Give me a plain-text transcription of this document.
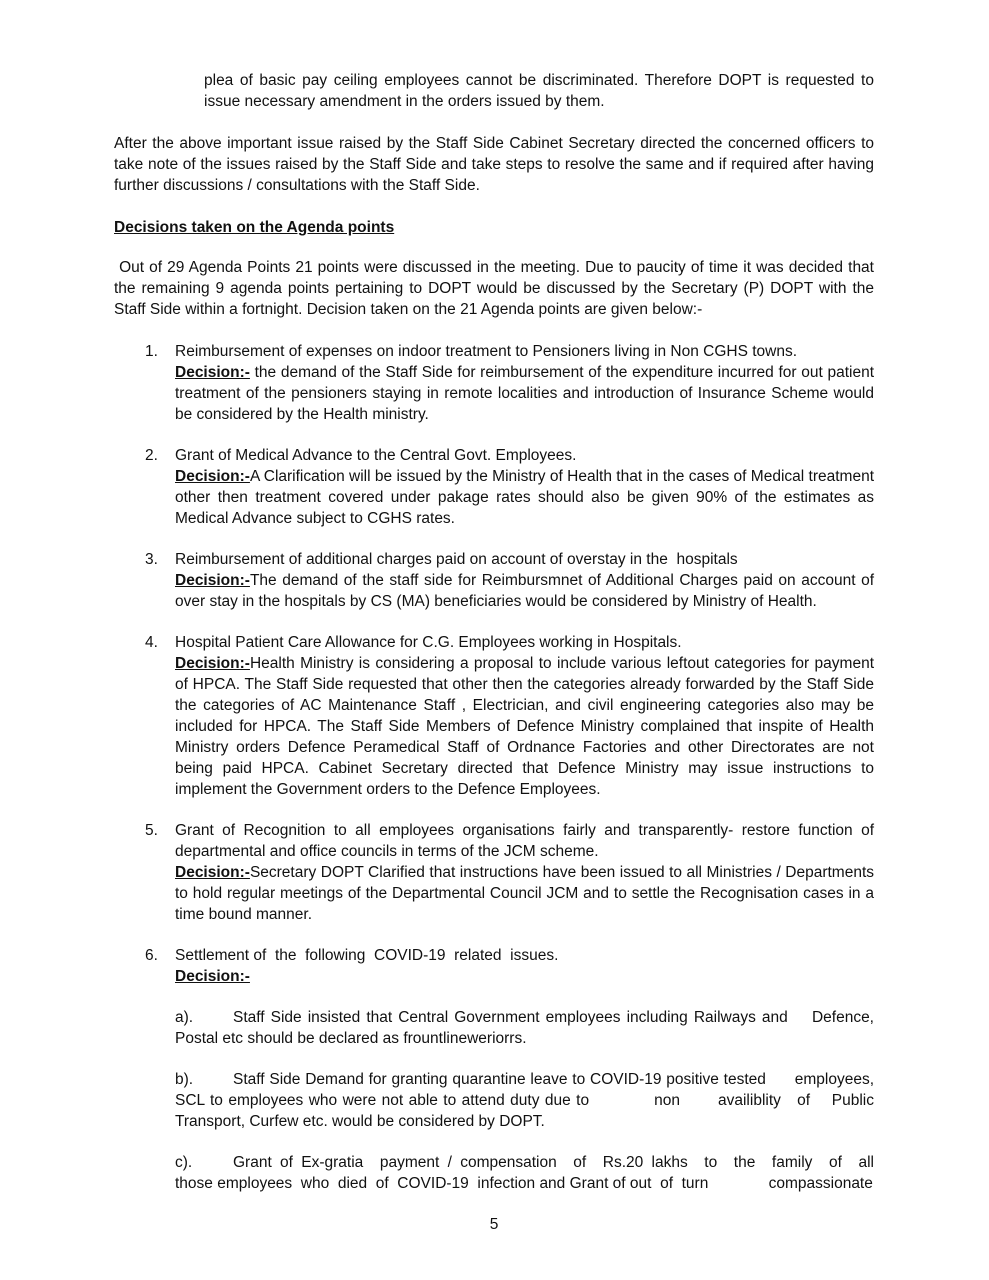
plea of basic pay ceiling employees cannot be discriminated. Therefore DOPT is requested to issue necessary amendment in the orders issued by them.

After the above important issue raised by the Staff Side Cabinet Secretary directed the concerned officers to take note of the issues raised by the Staff Side and take steps to resolve the same and if required after having further discussions / consultations with the Staff Side.

Decisions taken on the Agenda points

Out of 29 Agenda Points 21 points were discussed in the meeting. Due to paucity of time it was decided that the remaining 9 agenda points pertaining to DOPT would be discussed by the Secretary (P) DOPT with the Staff Side within a fortnight. Decision taken on the 21 Agenda points are given below:-

1.	Reimbursement of expenses on indoor treatment to Pensioners living in Non CGHS towns.

Decision:- the demand of the Staff Side for reimbursement of the expenditure incurred for out patient treatment of the pensioners staying in remote localities and introduction of Insurance Scheme would be considered by the Health ministry.

2.	Grant of Medical Advance to the Central Govt. Employees.

Decision:-A Clarification will be issued by the Ministry of Health that in the cases of Medical treatment other then treatment covered under pakage rates should also be given 90% of the estimates as Medical Advance subject to CGHS rates.

3.	Reimbursement of additional charges paid on account of overstay in the  hospitals

Decision:-The demand of the staff side for Reimbursmnet of Additional Charges paid on account of over stay in the hospitals by CS (MA) beneficiaries would be considered by Ministry of Health.

4.	Hospital Patient Care Allowance for C.G. Employees working in Hospitals.

Decision:-Health Ministry is considering a proposal to include various leftout categories for payment of HPCA. The Staff Side requested that other then the categories already forwarded by the Staff Side the categories of AC Maintenance Staff , Electrician, and civil engineering categories also may be included for HPCA. The Staff Side Members of Defence Ministry complained that inspite of Health Ministry orders Defence Peramedical Staff of Ordnance Factories and other Directorates are not being paid HPCA. Cabinet Secretary directed that Defence Ministry may issue instructions to implement the Government orders to the Defence Employees.

5.	Grant of Recognition to all employees organisations fairly and transparently- restore function of departmental and office councils in terms of the JCM scheme.

Decision:-Secretary DOPT Clarified that instructions have been issued to all Ministries / Departments to hold regular meetings of the Departmental Council JCM and to settle the Recognisation cases in a time bound manner.

6.	Settlement of  the  following  COVID-19  related  issues.

Decision:-

a).	Staff Side insisted that Central Government employees including Railways and    Defence,    Postal etc should be declared as frountlineweriorrs.

b).	Staff Side Demand for granting quarantine leave to COVID-19 positive tested      employees,   SCL to employees who were not able to attend duty due to            non       availiblity   of    Public    Transport, Curfew etc. would be considered by DOPT.

c).	Grant of Ex-gratia  payment / compensation  of  Rs.20 lakhs  to  the  family  of  all            those employees  who  died  of  COVID-19  infection and Grant of out  of  turn              compassionate

5
